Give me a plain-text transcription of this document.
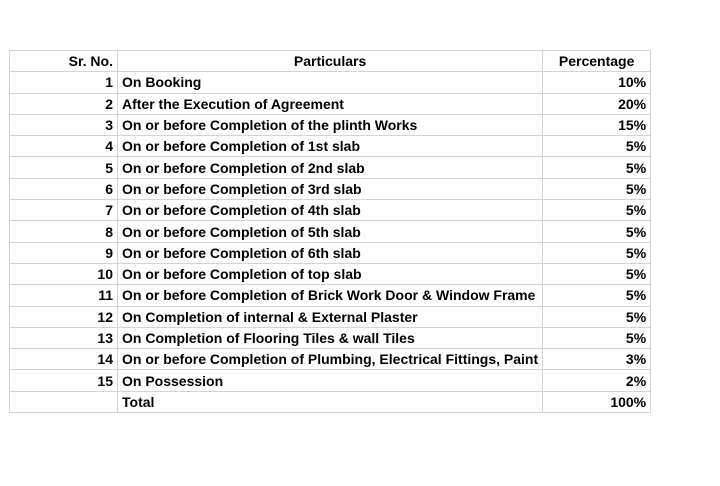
Sr. No.	Particulars	Percentage
1	On Booking	10%
2	After the Execution of Agreement	20%
3	On or before Completion of the plinth Works	15%
4	On or before Completion of 1st slab	5%
5	On or before Completion of 2nd slab	5%
6	On or before Completion of 3rd slab	5%
7	On or before Completion of 4th slab	5%
8	On or before Completion of 5th slab	5%
9	On or before Completion of 6th slab	5%
10	On or before Completion of top slab	5%
11	On or before Completion of Brick Work Door & Window Frame	5%
12	On Completion of internal & External Plaster	5%
13	On Completion of Flooring Tiles & wall Tiles	5%
14	On or before Completion of Plumbing, Electrical Fittings, Paint	3%
15	On Possession	2%
	Total	100%
